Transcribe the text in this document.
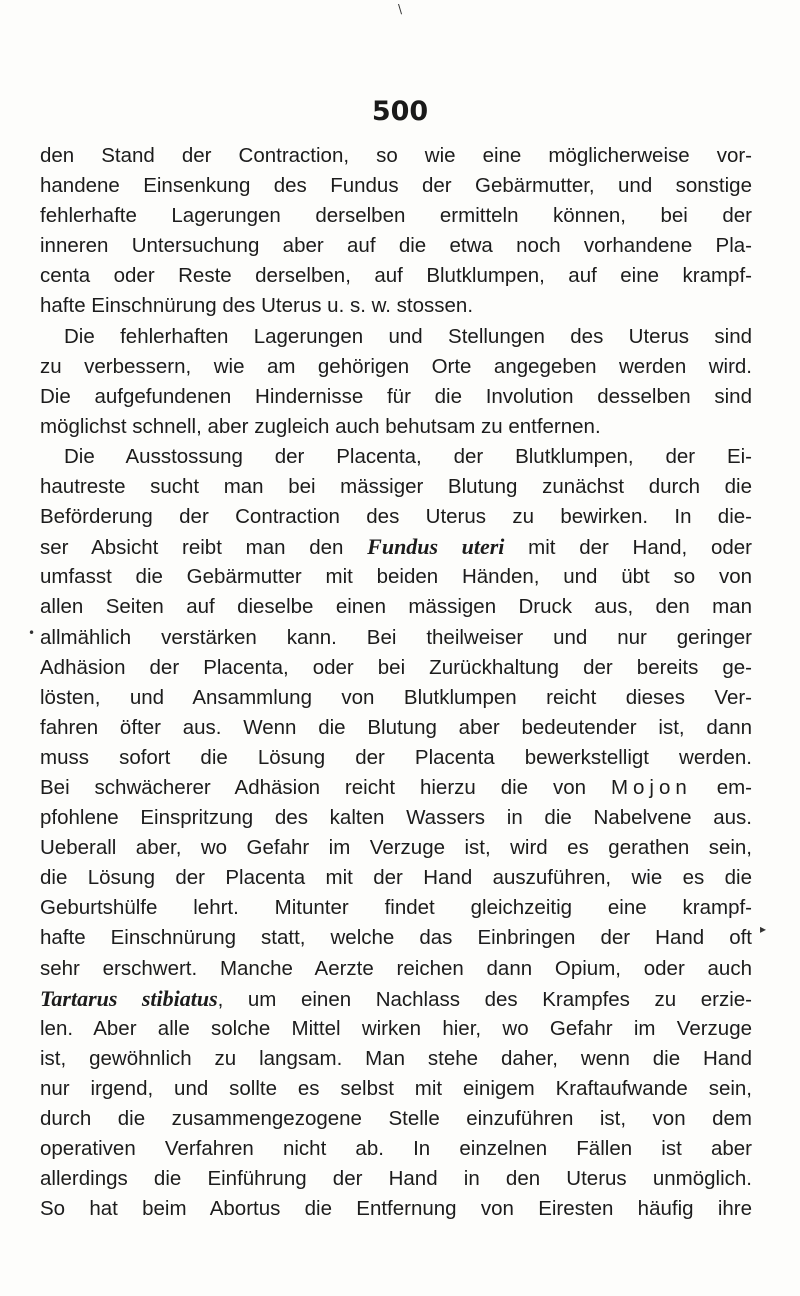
\
500
•
▸
den Stand der Contraction, so wie eine möglicherweise vor-
handene Einsenkung des Fundus der Gebärmutter, und sonstige
fehlerhafte Lagerungen derselben ermitteln können, bei der
inneren Untersuchung aber auf die etwa noch vorhandene Pla-
centa oder Reste derselben, auf Blutklumpen, auf eine krampf-
hafte Einschnürung des Uterus u. s. w. stossen.
Die fehlerhaften Lagerungen und Stellungen des Uterus sind
zu verbessern, wie am gehörigen Orte angegeben werden wird.
Die aufgefundenen Hindernisse für die Involution desselben sind
möglichst schnell, aber zugleich auch behutsam zu entfernen.
Die Ausstossung der Placenta, der Blutklumpen, der Ei-
hautreste sucht man bei mässiger Blutung zunächst durch die
Beförderung der Contraction des Uterus zu bewirken. In die-
ser Absicht reibt man den Fundus uteri mit der Hand, oder
umfasst die Gebärmutter mit beiden Händen, und übt so von
allen Seiten auf dieselbe einen mässigen Druck aus, den man
allmählich verstärken kann. Bei theilweiser und nur geringer
Adhäsion der Placenta, oder bei Zurückhaltung der bereits ge-
lösten, und Ansammlung von Blutklumpen reicht dieses Ver-
fahren öfter aus. Wenn die Blutung aber bedeutender ist, dann
muss sofort die Lösung der Placenta bewerkstelligt werden.
Bei schwächerer Adhäsion reicht hierzu die von Mojon em-
pfohlene Einspritzung des kalten Wassers in die Nabelvene aus.
Ueberall aber, wo Gefahr im Verzuge ist, wird es gerathen sein,
die Lösung der Placenta mit der Hand auszuführen, wie es die
Geburtshülfe lehrt. Mitunter findet gleichzeitig eine krampf-
hafte Einschnürung statt, welche das Einbringen der Hand oft
sehr erschwert. Manche Aerzte reichen dann Opium, oder auch
Tartarus stibiatus, um einen Nachlass des Krampfes zu erzie-
len. Aber alle solche Mittel wirken hier, wo Gefahr im Verzuge
ist, gewöhnlich zu langsam. Man stehe daher, wenn die Hand
nur irgend, und sollte es selbst mit einigem Kraftaufwande sein,
durch die zusammengezogene Stelle einzuführen ist, von dem
operativen Verfahren nicht ab. In einzelnen Fällen ist aber
allerdings die Einführung der Hand in den Uterus unmöglich.
So hat beim Abortus die Entfernung von Eiresten häufig ihre
